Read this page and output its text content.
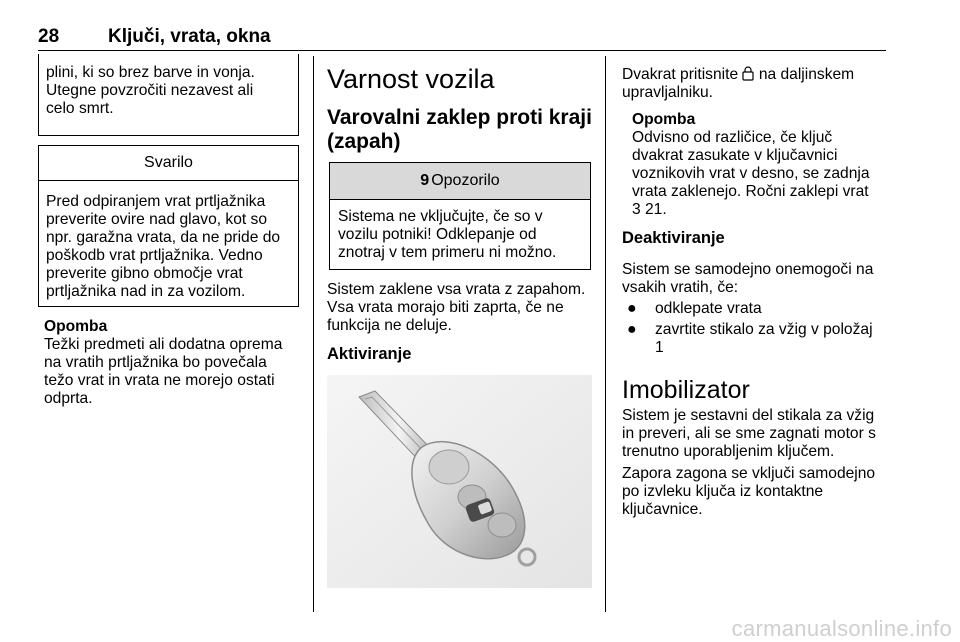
28	Ključi, vrata, okna
plini, ki so brez barve in vonja.
Utegne povzročiti nezavest ali
celo smrt.
Svarilo
Pred odpiranjem vrat prtljažnika
preverite ovire nad glavo, kot so
npr. garažna vrata, da ne pride do
poškodb vrat prtljažnika. Vedno
preverite gibno območje vrat
prtljažnika nad in za vozilom.
Opomba
Težki predmeti ali dodatna oprema
na vratih prtljažnika bo povečala
težo vrat in vrata ne morejo ostati
odprta.
Varnost vozila
Varovalni zaklep proti kraji
(zapah)
9 Opozorilo
Sistema ne vključujte, če so v
vozilu potniki! Odklepanje od
znotraj v tem primeru ni možno.
Sistem zaklene vsa vrata z zapahom.
Vsa vrata morajo biti zaprta, če ne
funkcija ne deluje.
Aktiviranje
Dvakrat pritisnite na daljinskem
upravljalniku.
Opomba
Odvisno od različice, če ključ
dvakrat zasukate v ključavnici
voznikovih vrat v desno, se zadnja
vrata zaklenejo. Ročni zaklepi vrat
3 21.
Deaktiviranje
Sistem se samodejno onemogoči na
vsakih vratih, če:
● odklepate vrata
● zavrtite stikalo za vžig v položaj
1
Imobilizator
Sistem je sestavni del stikala za vžig
in preveri, ali se sme zagnati motor s
trenutno uporabljenim ključem.
Zapora zagona se vključi samodejno
po izvleku ključa iz kontaktne
ključavnice.
carmanualsonline.info
